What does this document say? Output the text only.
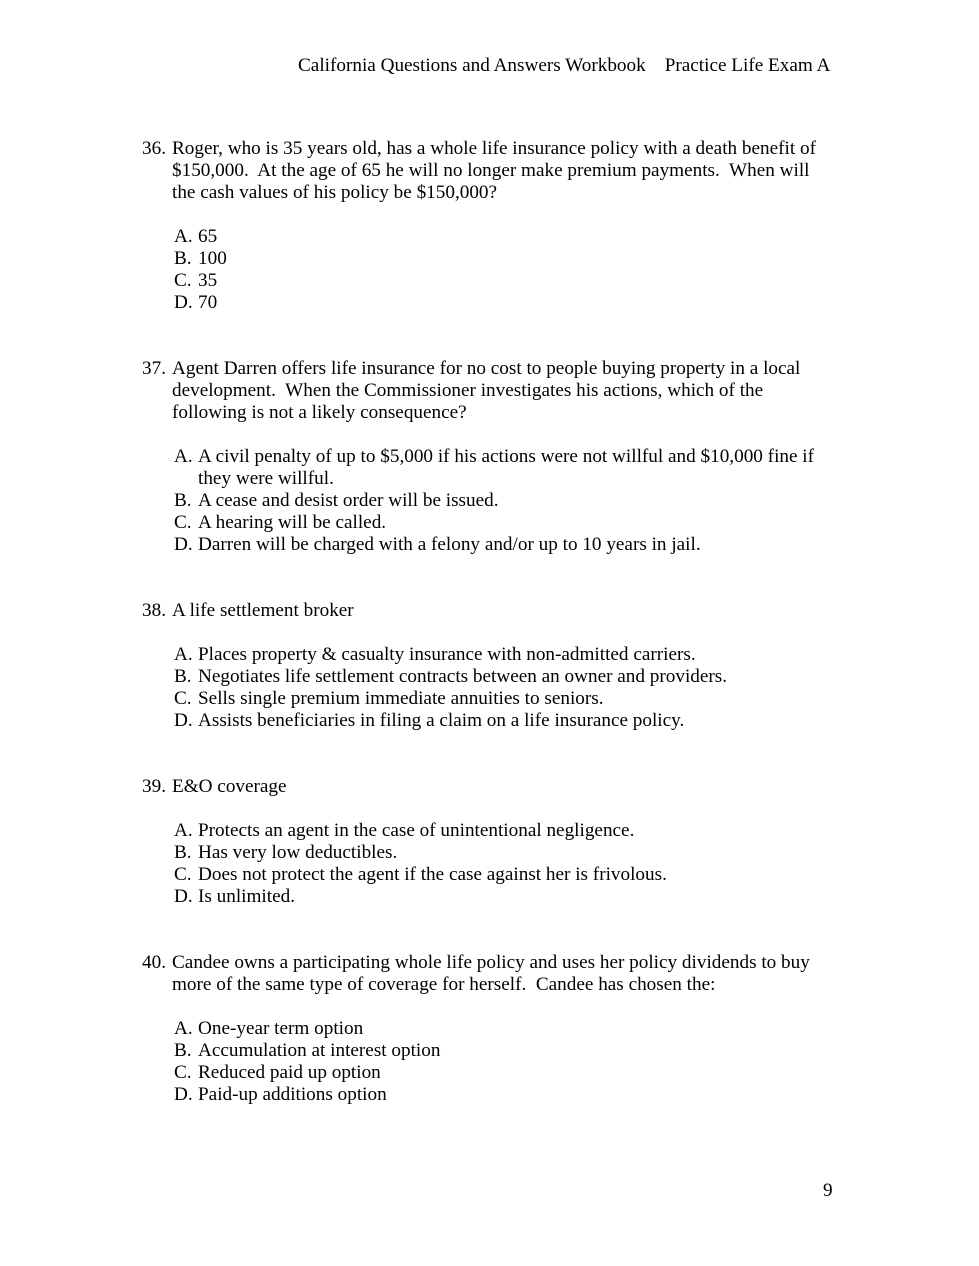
California Questions and Answers Workbook Practice Life Exam A
36. Roger, who is 35 years old, has a whole life insurance policy with a death benefit of $150,000.  At the age of 65 he will no longer make premium payments.  When will the cash values of his policy be $150,000?
A. 65
B. 100
C. 35
D. 70
37. Agent Darren offers life insurance for no cost to people buying property in a local development.  When the Commissioner investigates his actions, which of the following is not a likely consequence?
A. A civil penalty of up to $5,000 if his actions were not willful and $10,000 fine if they were willful.
B. A cease and desist order will be issued.
C. A hearing will be called.
D. Darren will be charged with a felony and/or up to 10 years in jail.
38. A life settlement broker
A. Places property & casualty insurance with non-admitted carriers.
B. Negotiates life settlement contracts between an owner and providers.
C. Sells single premium immediate annuities to seniors.
D. Assists beneficiaries in filing a claim on a life insurance policy.
39. E&O coverage
A. Protects an agent in the case of unintentional negligence.
B. Has very low deductibles.
C. Does not protect the agent if the case against her is frivolous.
D. Is unlimited.
40. Candee owns a participating whole life policy and uses her policy dividends to buy more of the same type of coverage for herself.  Candee has chosen the:
A. One-year term option
B. Accumulation at interest option
C. Reduced paid up option
D. Paid-up additions option
9
